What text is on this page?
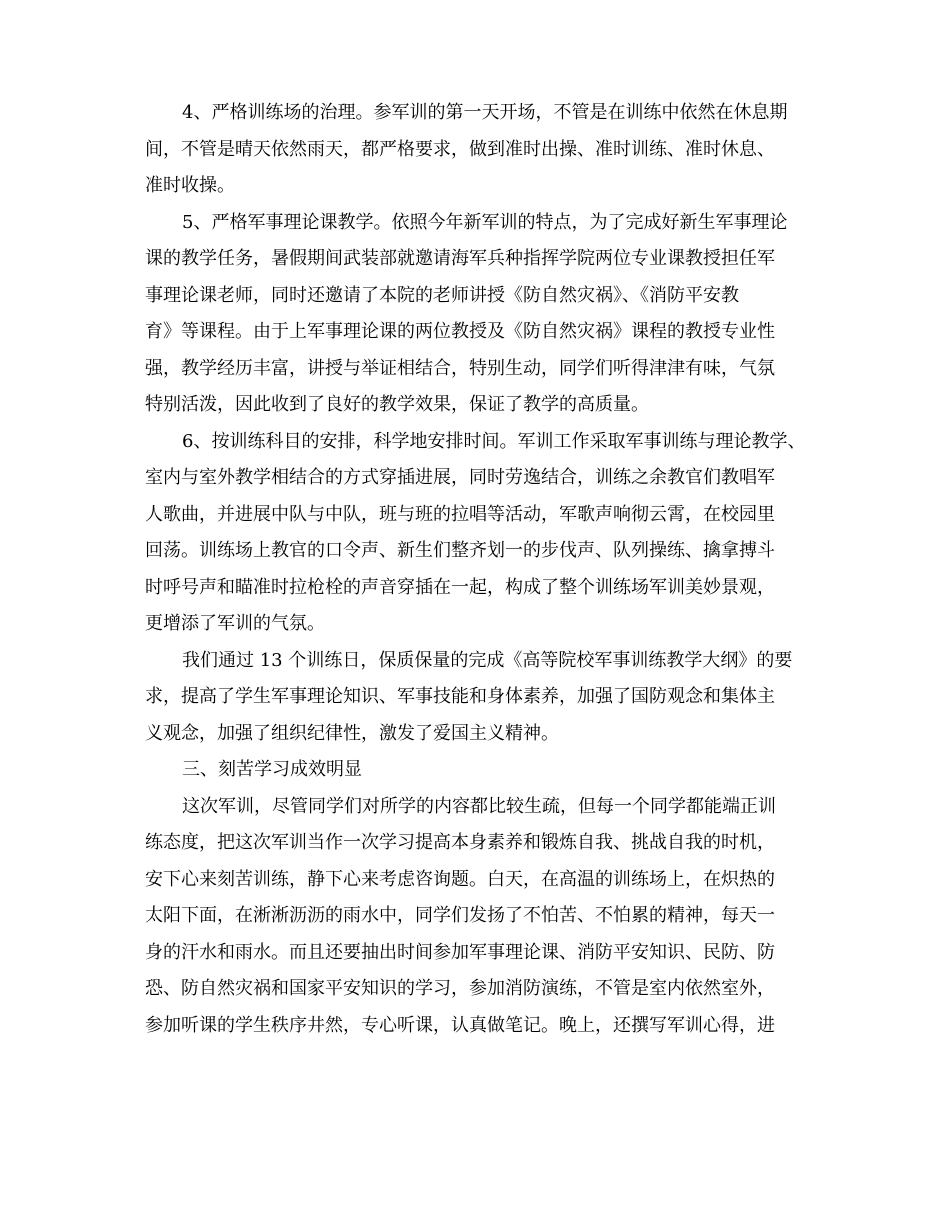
4、严格训练场的治理。参军训的第一天开场，不管是在训练中依然在休息期
间，不管是晴天依然雨天，都严格要求，做到准时出操、准时训练、准时休息、
准时收操。
5、严格军事理论课教学。依照今年新军训的特点，为了完成好新生军事理论
课的教学任务，暑假期间武装部就邀请海军兵种指挥学院两位专业课教授担任军
事理论课老师，同时还邀请了本院的老师讲授《防自然灾祸》、《消防平安教
育》等课程。由于上军事理论课的两位教授及《防自然灾祸》课程的教授专业性
强，教学经历丰富，讲授与举证相结合，特别生动，同学们听得津津有味，气氛
特别活泼，因此收到了良好的教学效果，保证了教学的高质量。
6、按训练科目的安排，科学地安排时间。军训工作采取军事训练与理论教学、
室内与室外教学相结合的方式穿插进展，同时劳逸结合，训练之余教官们教唱军
人歌曲，并进展中队与中队，班与班的拉唱等活动，军歌声响彻云霄，在校园里
回荡。训练场上教官的口令声、新生们整齐划一的步伐声、队列操练、擒拿搏斗
时呼号声和瞄准时拉枪栓的声音穿插在一起，构成了整个训练场军训美妙景观，
更增添了军训的气氛。
我们通过 13 个训练日，保质保量的完成《高等院校军事训练教学大纲》的要
求，提高了学生军事理论知识、军事技能和身体素养，加强了国防观念和集体主
义观念，加强了组织纪律性，激发了爱国主义精神。
三、刻苦学习成效明显
这次军训，尽管同学们对所学的内容都比较生疏，但每一个同学都能端正训
练态度，把这次军训当作一次学习提高本身素养和锻炼自我、挑战自我的时机，
安下心来刻苦训练，静下心来考虑咨询题。白天，在高温的训练场上，在炽热的
太阳下面，在淅淅沥沥的雨水中，同学们发扬了不怕苦、不怕累的精神，每天一
身的汗水和雨水。而且还要抽出时间参加军事理论课、消防平安知识、民防、防
恐、防自然灾祸和国家平安知识的学习，参加消防演练，不管是室内依然室外，
参加听课的学生秩序井然，专心听课，认真做笔记。晚上，还撰写军训心得，进
